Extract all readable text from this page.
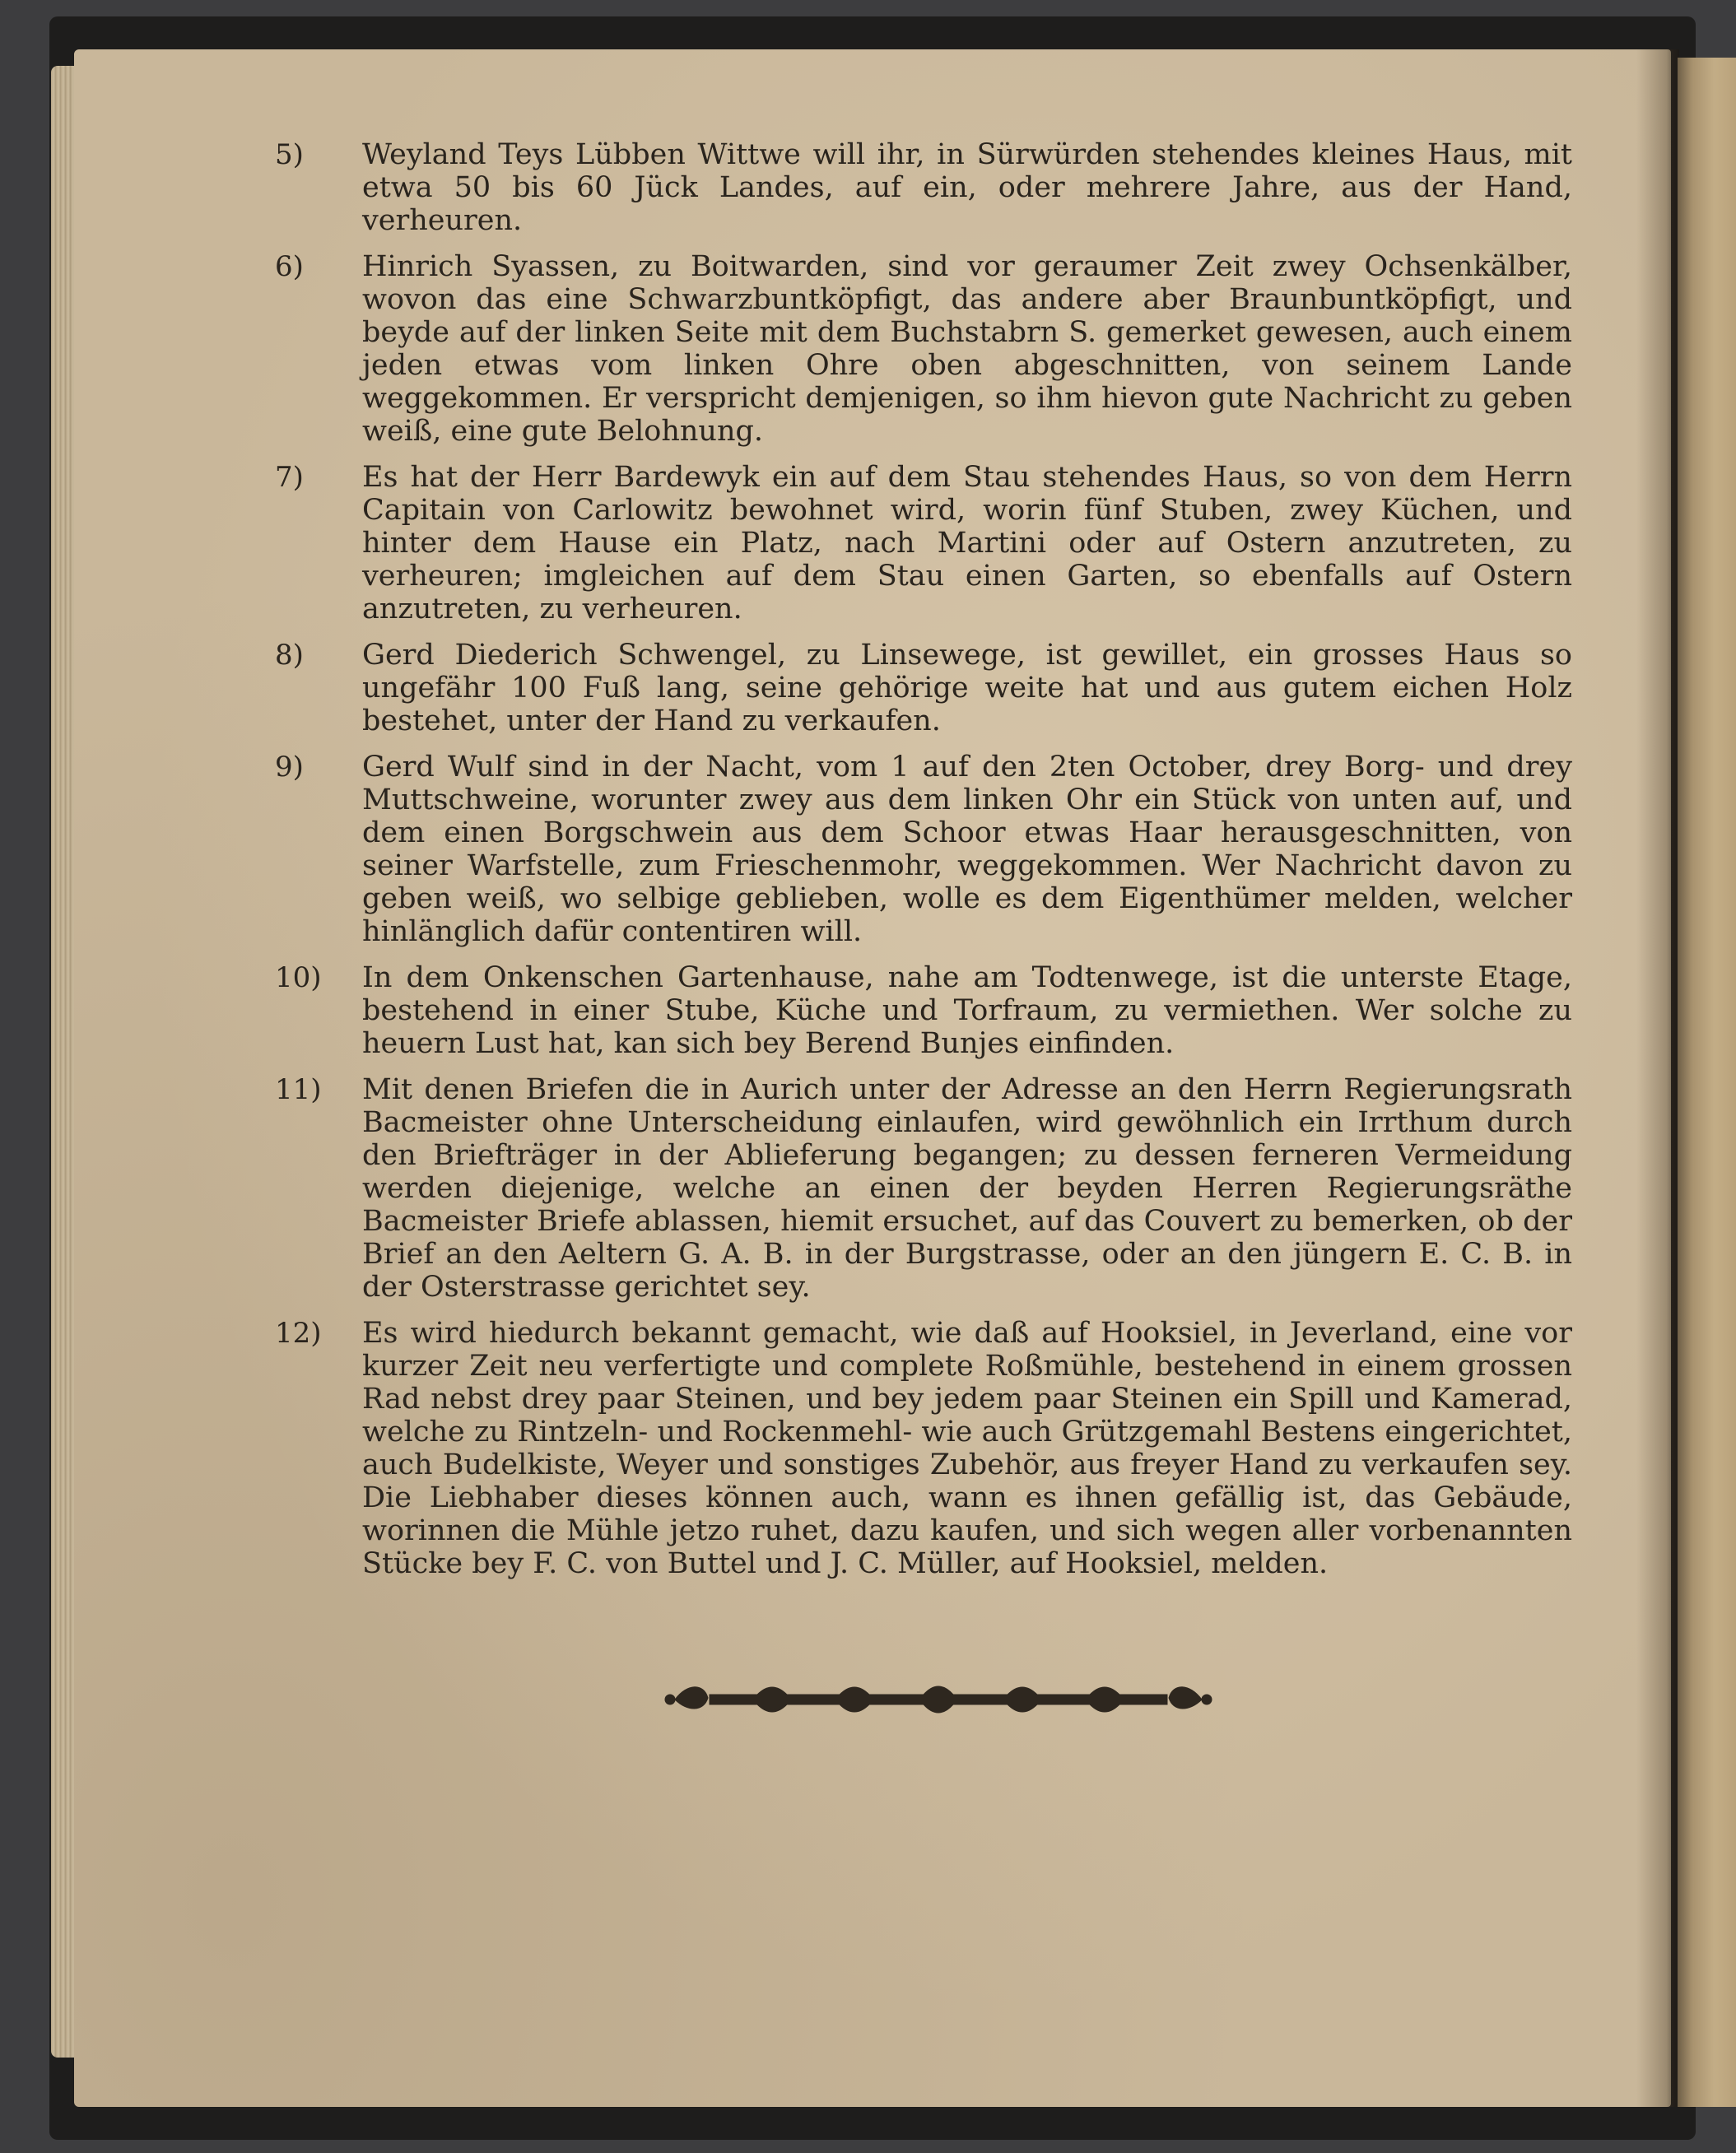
5)	Weyland Teys Lübben Wittwe will ihr, in Sürwürden stehendes kleines Haus, mit etwa 50 bis 60 Jück Landes, auf ein, oder mehrere Jahre, aus der Hand, verheuren.
6)	Hinrich Syassen, zu Boitwarden, sind vor geraumer Zeit zwey Ochsenkälber, wovon das eine Schwarzbuntköpfigt, das andere aber Braunbuntköpfigt, und beyde auf der linken Seite mit dem Buchstabrn S. gemerket gewesen, auch einem jeden etwas vom linken Ohre oben abgeschnitten, von seinem Lande weggekommen. Er verspricht demjenigen, so ihm hievon gute Nachricht zu geben weiß, eine gute Belohnung.
7)	Es hat der Herr Bardewyk ein auf dem Stau stehendes Haus, so von dem Herrn Capitain von Carlowitz bewohnet wird, worin fünf Stuben, zwey Küchen, und hinter dem Hause ein Platz, nach Martini oder auf Ostern anzutreten, zu verheuren; imgleichen auf dem Stau einen Garten, so ebenfalls auf Ostern anzutreten, zu verheuren.
8)	Gerd Diederich Schwengel, zu Linsewege, ist gewillet, ein grosses Haus so ungefähr 100 Fuß lang, seine gehörige weite hat und aus gutem eichen Holz bestehet, unter der Hand zu verkaufen.
9)	Gerd Wulf sind in der Nacht, vom 1 auf den 2ten October, drey Borg- und drey Muttschweine, worunter zwey aus dem linken Ohr ein Stück von unten auf, und dem einen Borgschwein aus dem Schoor etwas Haar herausgeschnitten, von seiner Warfstelle, zum Frieschenmohr, weggekommen. Wer Nachricht davon zu geben weiß, wo selbige geblieben, wolle es dem Eigenthümer melden, welcher hinlänglich dafür contentiren will.
10)	In dem Onkenschen Gartenhause, nahe am Todtenwege, ist die unterste Etage, bestehend in einer Stube, Küche und Torfraum, zu vermiethen. Wer solche zu heuern Lust hat, kan sich bey Berend Bunjes einfinden.
11)	Mit denen Briefen die in Aurich unter der Adresse an den Herrn Regierungsrath Bacmeister ohne Unterscheidung einlaufen, wird gewöhnlich ein Irrthum durch den Briefträger in der Ablieferung begangen; zu dessen ferneren Vermeidung werden diejenige, welche an einen der beyden Herren Regierungsräthe Bacmeister Briefe ablassen, hiemit ersuchet, auf das Couvert zu bemerken, ob der Brief an den Aeltern G. A. B. in der Burgstrasse, oder an den jüngern E. C. B. in der Osterstrasse gerichtet sey.
12)	Es wird hiedurch bekannt gemacht, wie daß auf Hooksiel, in Jeverland, eine vor kurzer Zeit neu verfertigte und complete Roßmühle, bestehend in einem grossen Rad nebst drey paar Steinen, und bey jedem paar Steinen ein Spill und Kamerad, welche zu Rintzeln- und Rockenmehl- wie auch Grützgemahl Bestens eingerichtet, auch Budelkiste, Weyer und sonstiges Zubehör, aus freyer Hand zu verkaufen sey. Die Liebhaber dieses können auch, wann es ihnen gefällig ist, das Gebäude, worinnen die Mühle jetzo ruhet, dazu kaufen, und sich wegen aller vorbenannten Stücke bey F. C. von Buttel und J. C. Müller, auf Hooksiel, melden.
